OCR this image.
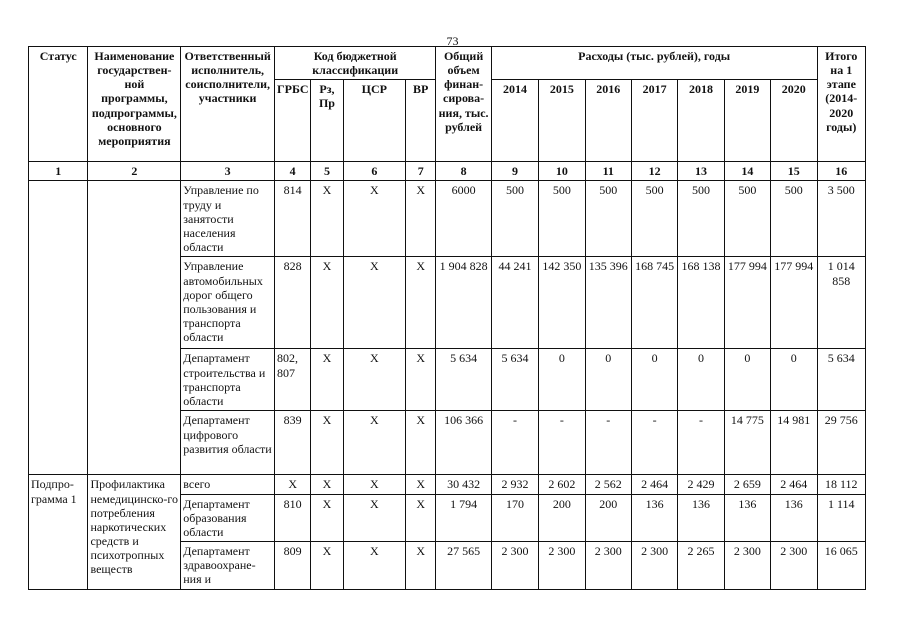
73
Статус	Наименование государствен-ной программы, подпрограммы, основного мероприятия	Ответственный исполнитель, соисполнители, участники	Код бюджетной классификации				Общий объем финан-сирова-ния, тыс. рублей	Расходы (тыс. рублей), годы							Итого на 1 этапе (2014-2020 годы)
			ГРБС	Рз, Пр	ЦСР	ВР		2014	2015	2016	2017	2018	2019	2020	
1	2	3	4	5	6	7	8	9	10	11	12	13	14	15	16
		Управление по труду и занятости населения области	814	Х	Х	Х	6000	500	500	500	500	500	500	500	3 500
		Управление автомобильных дорог общего пользования и транспорта области	828	Х	Х	Х	1 904 828	44 241	142 350	135 396	168 745	168 138	177 994	177 994	1 014 858
		Департамент строительства и транспорта области	802, 807	Х	Х	Х	5 634	5 634	0	0	0	0	0	0	5 634
		Департамент цифрового развития области	839	Х	Х	Х	106 366	-	-	-	-	-	14 775	14 981	29 756
Подпро-грамма 1	Профилактика немедицинско-го потребления наркотических средств и психотропных веществ	всего	Х	Х	Х	Х	30 432	2 932	2 602	2 562	2 464	2 429	2 659	2 464	18 112
		Департамент образования области	810	Х	Х	Х	1 794	170	200	200	136	136	136	136	1 114
		Департамент здравоохране-ния и	809	Х	Х	Х	27 565	2 300	2 300	2 300	2 300	2 265	2 300	2 300	16 065
